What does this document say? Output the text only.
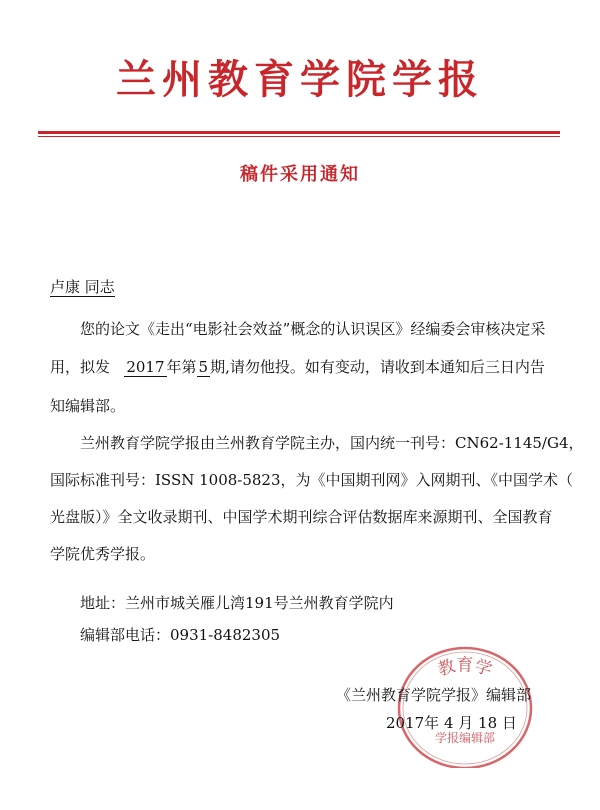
兰州教育学院学报
稿件采用通知
卢康 同志
您的论文《走出“电影社会效益”概念的认识误区》经编委会审核决定采
用，拟发 2017 年第 5 期,请勿他投。如有变动，请收到本通知后三日内告
知编辑部。
兰州教育学院学报由兰州教育学院主办，国内统一刊号：CN62-1145/G4，
国际标准刊号：ISSN 1008-5823，为《中国期刊网》入网期刊、《中国学术（
光盘版）》全文收录期刊、中国学术期刊综合评估数据库来源期刊、全国教育
学院优秀学报。
地址：兰州市城关雁儿湾191号兰州教育学院内
编辑部电话：0931-8482305
教育学
学报编辑部
《兰州教育学院学报》编辑部
2017年 4 月 18 日
